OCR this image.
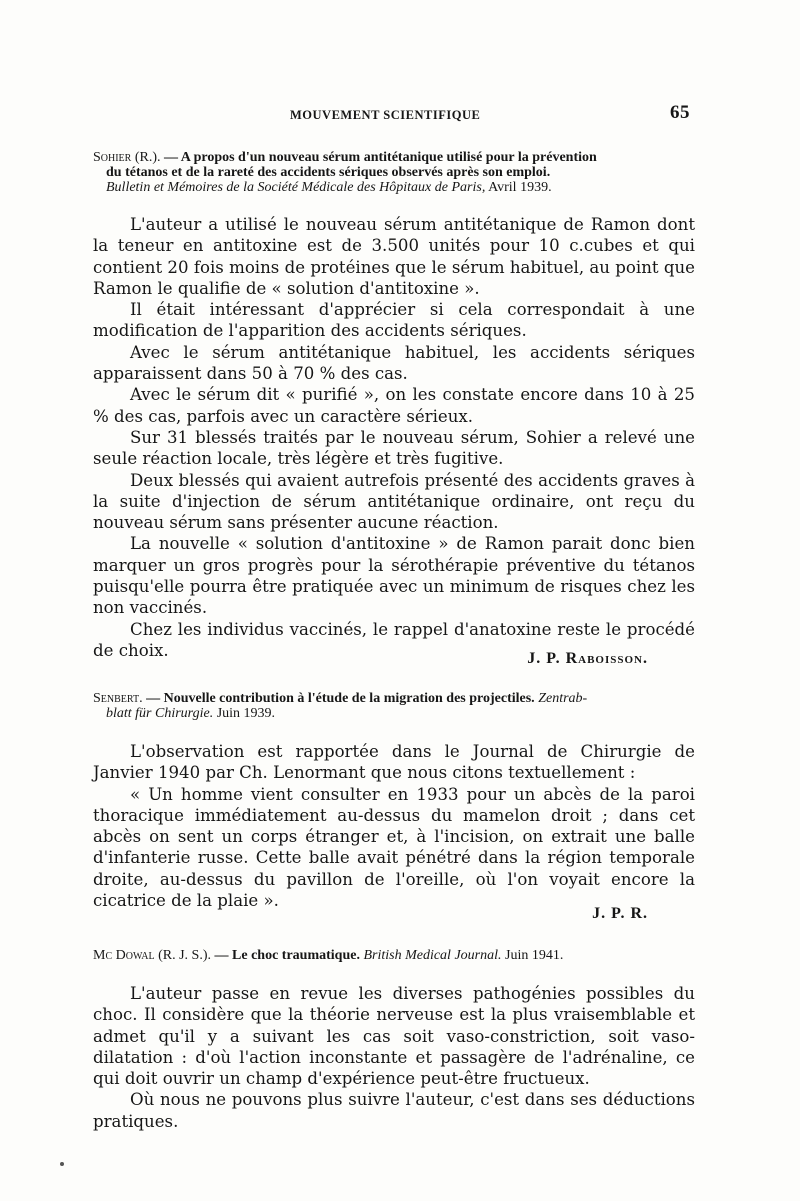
MOUVEMENT SCIENTIFIQUE	65
Sohier (R.). — A propos d'un nouveau sérum antitétanique utilisé pour la prévention
du tétanos et de la rareté des accidents sériques observés après son emploi.
Bulletin et Mémoires de la Société Médicale des Hôpitaux de Paris, Avril 1939.

L'auteur a utilisé le nouveau sérum antitétanique de Ramon dont la teneur en antitoxine est de 3.500 unités pour 10 c.cubes et qui contient 20 fois moins de protéines que le sérum habituel, au point que Ramon le qualifie de « solution d'antitoxine ».

Il était intéressant d'apprécier si cela correspondait à une modification de l'apparition des accidents sériques.

Avec le sérum antitétanique habituel, les accidents sériques apparaissent dans 50 à 70 % des cas.

Avec le sérum dit « purifié », on les constate encore dans 10 à 25 % des cas, parfois avec un caractère sérieux.

Sur 31 blessés traités par le nouveau sérum, Sohier a relevé une seule réaction locale, très légère et très fugitive.

Deux blessés qui avaient autrefois présenté des accidents graves à la suite d'injection de sérum antitétanique ordinaire, ont reçu du nouveau sérum sans présenter aucune réaction.

La nouvelle « solution d'antitoxine » de Ramon parait donc bien marquer un gros progrès pour la sérothérapie préventive du tétanos puisqu'elle pourra être pratiquée avec un minimum de risques chez les non vaccinés.

Chez les individus vaccinés, le rappel d'anatoxine reste le procédé de choix.	J. P. Raboisson.
Senbert. — Nouvelle contribution à l'étude de la migration des projectiles. Zentrab-
blatt für Chirurgie. Juin 1939.

L'observation est rapportée dans le Journal de Chirurgie de Janvier 1940 par Ch. Lenormant que nous citons textuellement :

« Un homme vient consulter en 1933 pour un abcès de la paroi thoracique immédiatement au-dessus du mamelon droit ; dans cet abcès on sent un corps étranger et, à l'incision, on extrait une balle d'infanterie russe. Cette balle avait pénétré dans la région temporale droite, au-dessus du pavillon de l'oreille, où l'on voyait encore la cicatrice de la plaie ».

J. P. R.
Mc Dowal (R. J. S.). — Le choc traumatique. British Medical Journal. Juin 1941.

L'auteur passe en revue les diverses pathogénies possibles du choc. Il considère que la théorie nerveuse est la plus vraisemblable et admet qu'il y a suivant les cas soit vaso-constriction, soit vaso-dilatation : d'où l'action inconstante et passagère de l'adrénaline, ce qui doit ouvrir un champ d'expérience peut-être fructueux.

Où nous ne pouvons plus suivre l'auteur, c'est dans ses déductions pratiques.
